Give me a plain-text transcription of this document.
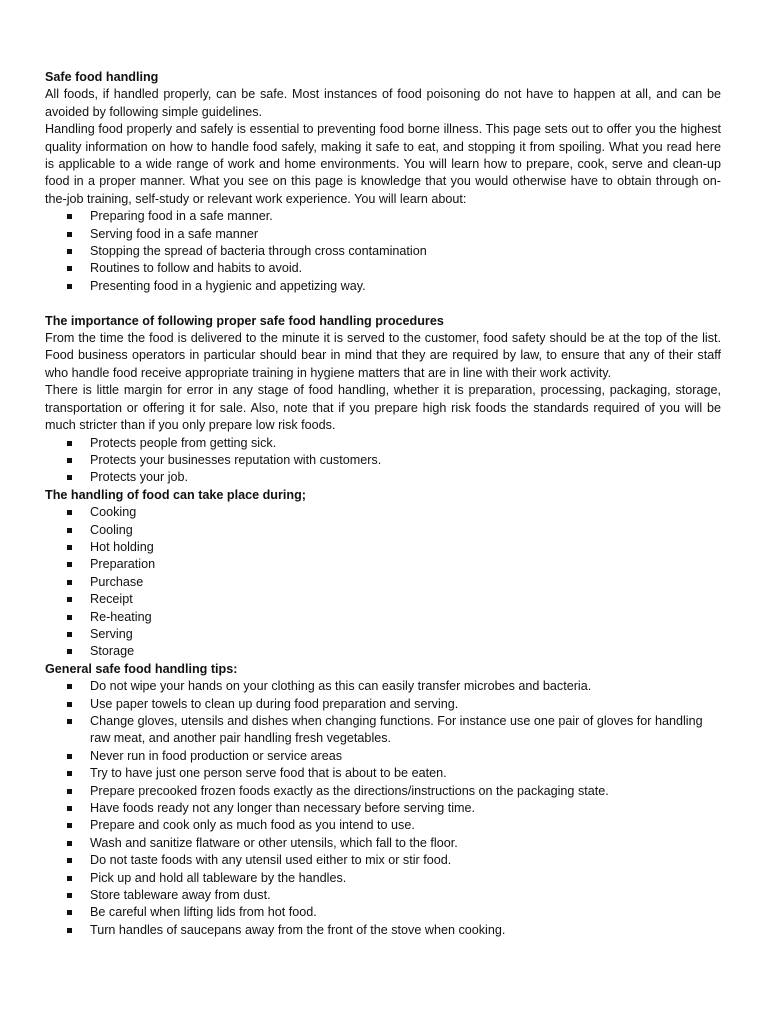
Safe food handling
All foods, if handled properly, can be safe. Most instances of food poisoning do not have to happen at all, and can be avoided by following simple guidelines.
Handling food properly and safely is essential to preventing food borne illness. This page sets out to offer you the highest quality information on how to handle food safely, making it safe to eat, and stopping it from spoiling. What you read here is applicable to a wide range of work and home environments. You will learn how to prepare, cook, serve and clean-up food in a proper manner. What you see on this page is knowledge that you would otherwise have to obtain through on-the-job training, self-study or relevant work experience. You will learn about:
Preparing food in a safe manner.
Serving food in a safe manner
Stopping the spread of bacteria through cross contamination
Routines to follow and habits to avoid.
Presenting food in a hygienic and appetizing way.
The importance of following proper safe food handling procedures
From the time the food is delivered to the minute it is served to the customer, food safety should be at the top of the list. Food business operators in particular should bear in mind that they are required by law, to ensure that any of their staff who handle food receive appropriate training in hygiene matters that are in line with their work activity.
There is little margin for error in any stage of food handling, whether it is preparation, processing, packaging, storage, transportation or offering it for sale. Also, note that if you prepare high risk foods the standards required of you will be much stricter than if you only prepare low risk foods.
Protects people from getting sick.
Protects your businesses reputation with customers.
Protects your job.
The handling of food can take place during;
Cooking
Cooling
Hot holding
Preparation
Purchase
Receipt
Re-heating
Serving
Storage
General safe food handling tips:
Do not wipe your hands on your clothing as this can easily transfer microbes and bacteria.
Use paper towels to clean up during food preparation and serving.
Change gloves, utensils and dishes when changing functions. For instance use one pair of gloves for handling raw meat, and another pair handling fresh vegetables.
Never run in food production or service areas
Try to have just one person serve food that is about to be eaten.
Prepare precooked frozen foods exactly as the directions/instructions on the packaging state.
Have foods ready not any longer than necessary before serving time.
Prepare and cook only as much food as you intend to use.
Wash and sanitize flatware or other utensils, which fall to the floor.
Do not taste foods with any utensil used either to mix or stir food.
Pick up and hold all tableware by the handles.
Store tableware away from dust.
Be careful when lifting lids from hot food.
Turn handles of saucepans away from the front of the stove when cooking.
